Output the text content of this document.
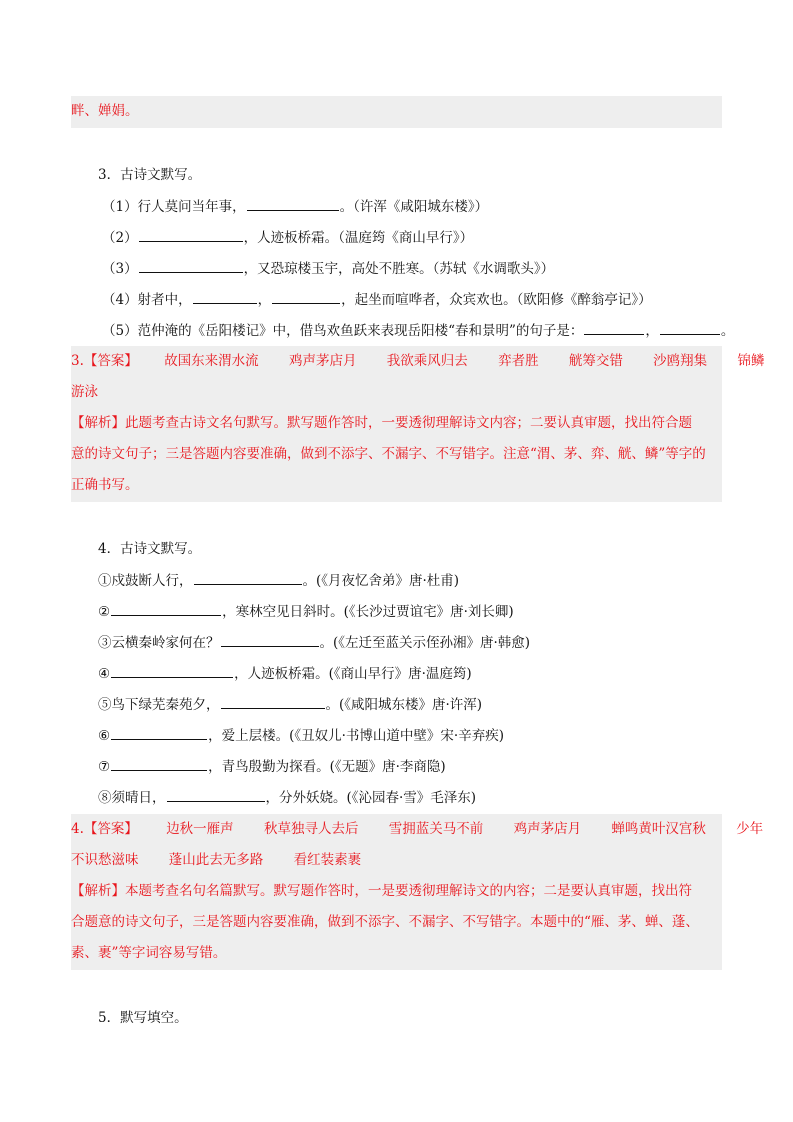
畔、婵娟。
3．古诗文默写。
（1）行人莫问当年事，	。（许浑《咸阳城东楼》）
（2）	，人迹板桥霜。（温庭筠《商山早行》）
（3）	，又恐琼楼玉宇，高处不胜寒。（苏轼《水调歌头》）
（4）射者中，	，	，起坐而喧哗者，众宾欢也。（欧阳修《醉翁亭记》）
（5）范仲淹的《岳阳楼记》中，借鸟欢鱼跃来表现岳阳楼“春和景明”的句子是：	，	。
3.【答案】 故国东来渭水流 鸡声茅店月 我欲乘风归去 弈者胜 觥筹交错 沙鸥翔集 锦鳞
游泳
【解析】此题考查古诗文名句默写。默写题作答时，一要透彻理解诗文内容；二要认真审题，找出符合题
意的诗文句子；三是答题内容要准确，做到不添字、不漏字、不写错字。注意“渭、茅、弈、觥、鳞”等字的
正确书写。
4．古诗文默写。
①戍鼓断人行，	。(《月夜忆舍弟》唐·杜甫)
②	，寒林空见日斜时。(《长沙过贾谊宅》唐·刘长卿)
③云横秦岭家何在？	。(《左迁至蓝关示侄孙湘》唐·韩愈)
④	，人迹板桥霜。(《商山早行》唐·温庭筠)
⑤鸟下绿芜秦苑夕，	。(《咸阳城东楼》唐·许浑)
⑥	，爱上层楼。(《丑奴儿·书博山道中壁》宋·辛弃疾)
⑦	，青鸟殷勤为探看。(《无题》唐·李商隐)
⑧须晴日，	，分外妖娆。(《沁园春·雪》毛泽东)
4.【答案】 边秋一雁声 秋草独寻人去后 雪拥蓝关马不前 鸡声茅店月 蝉鸣黄叶汉宫秋 少年
不识愁滋味 蓬山此去无多路 看红装素裹
【解析】本题考查名句名篇默写。默写题作答时，一是要透彻理解诗文的内容；二是要认真审题，找出符
合题意的诗文句子，三是答题内容要准确，做到不添字、不漏字、不写错字。本题中的“雁、茅、蝉、蓬、
素、裹”等字词容易写错。
5．默写填空。
